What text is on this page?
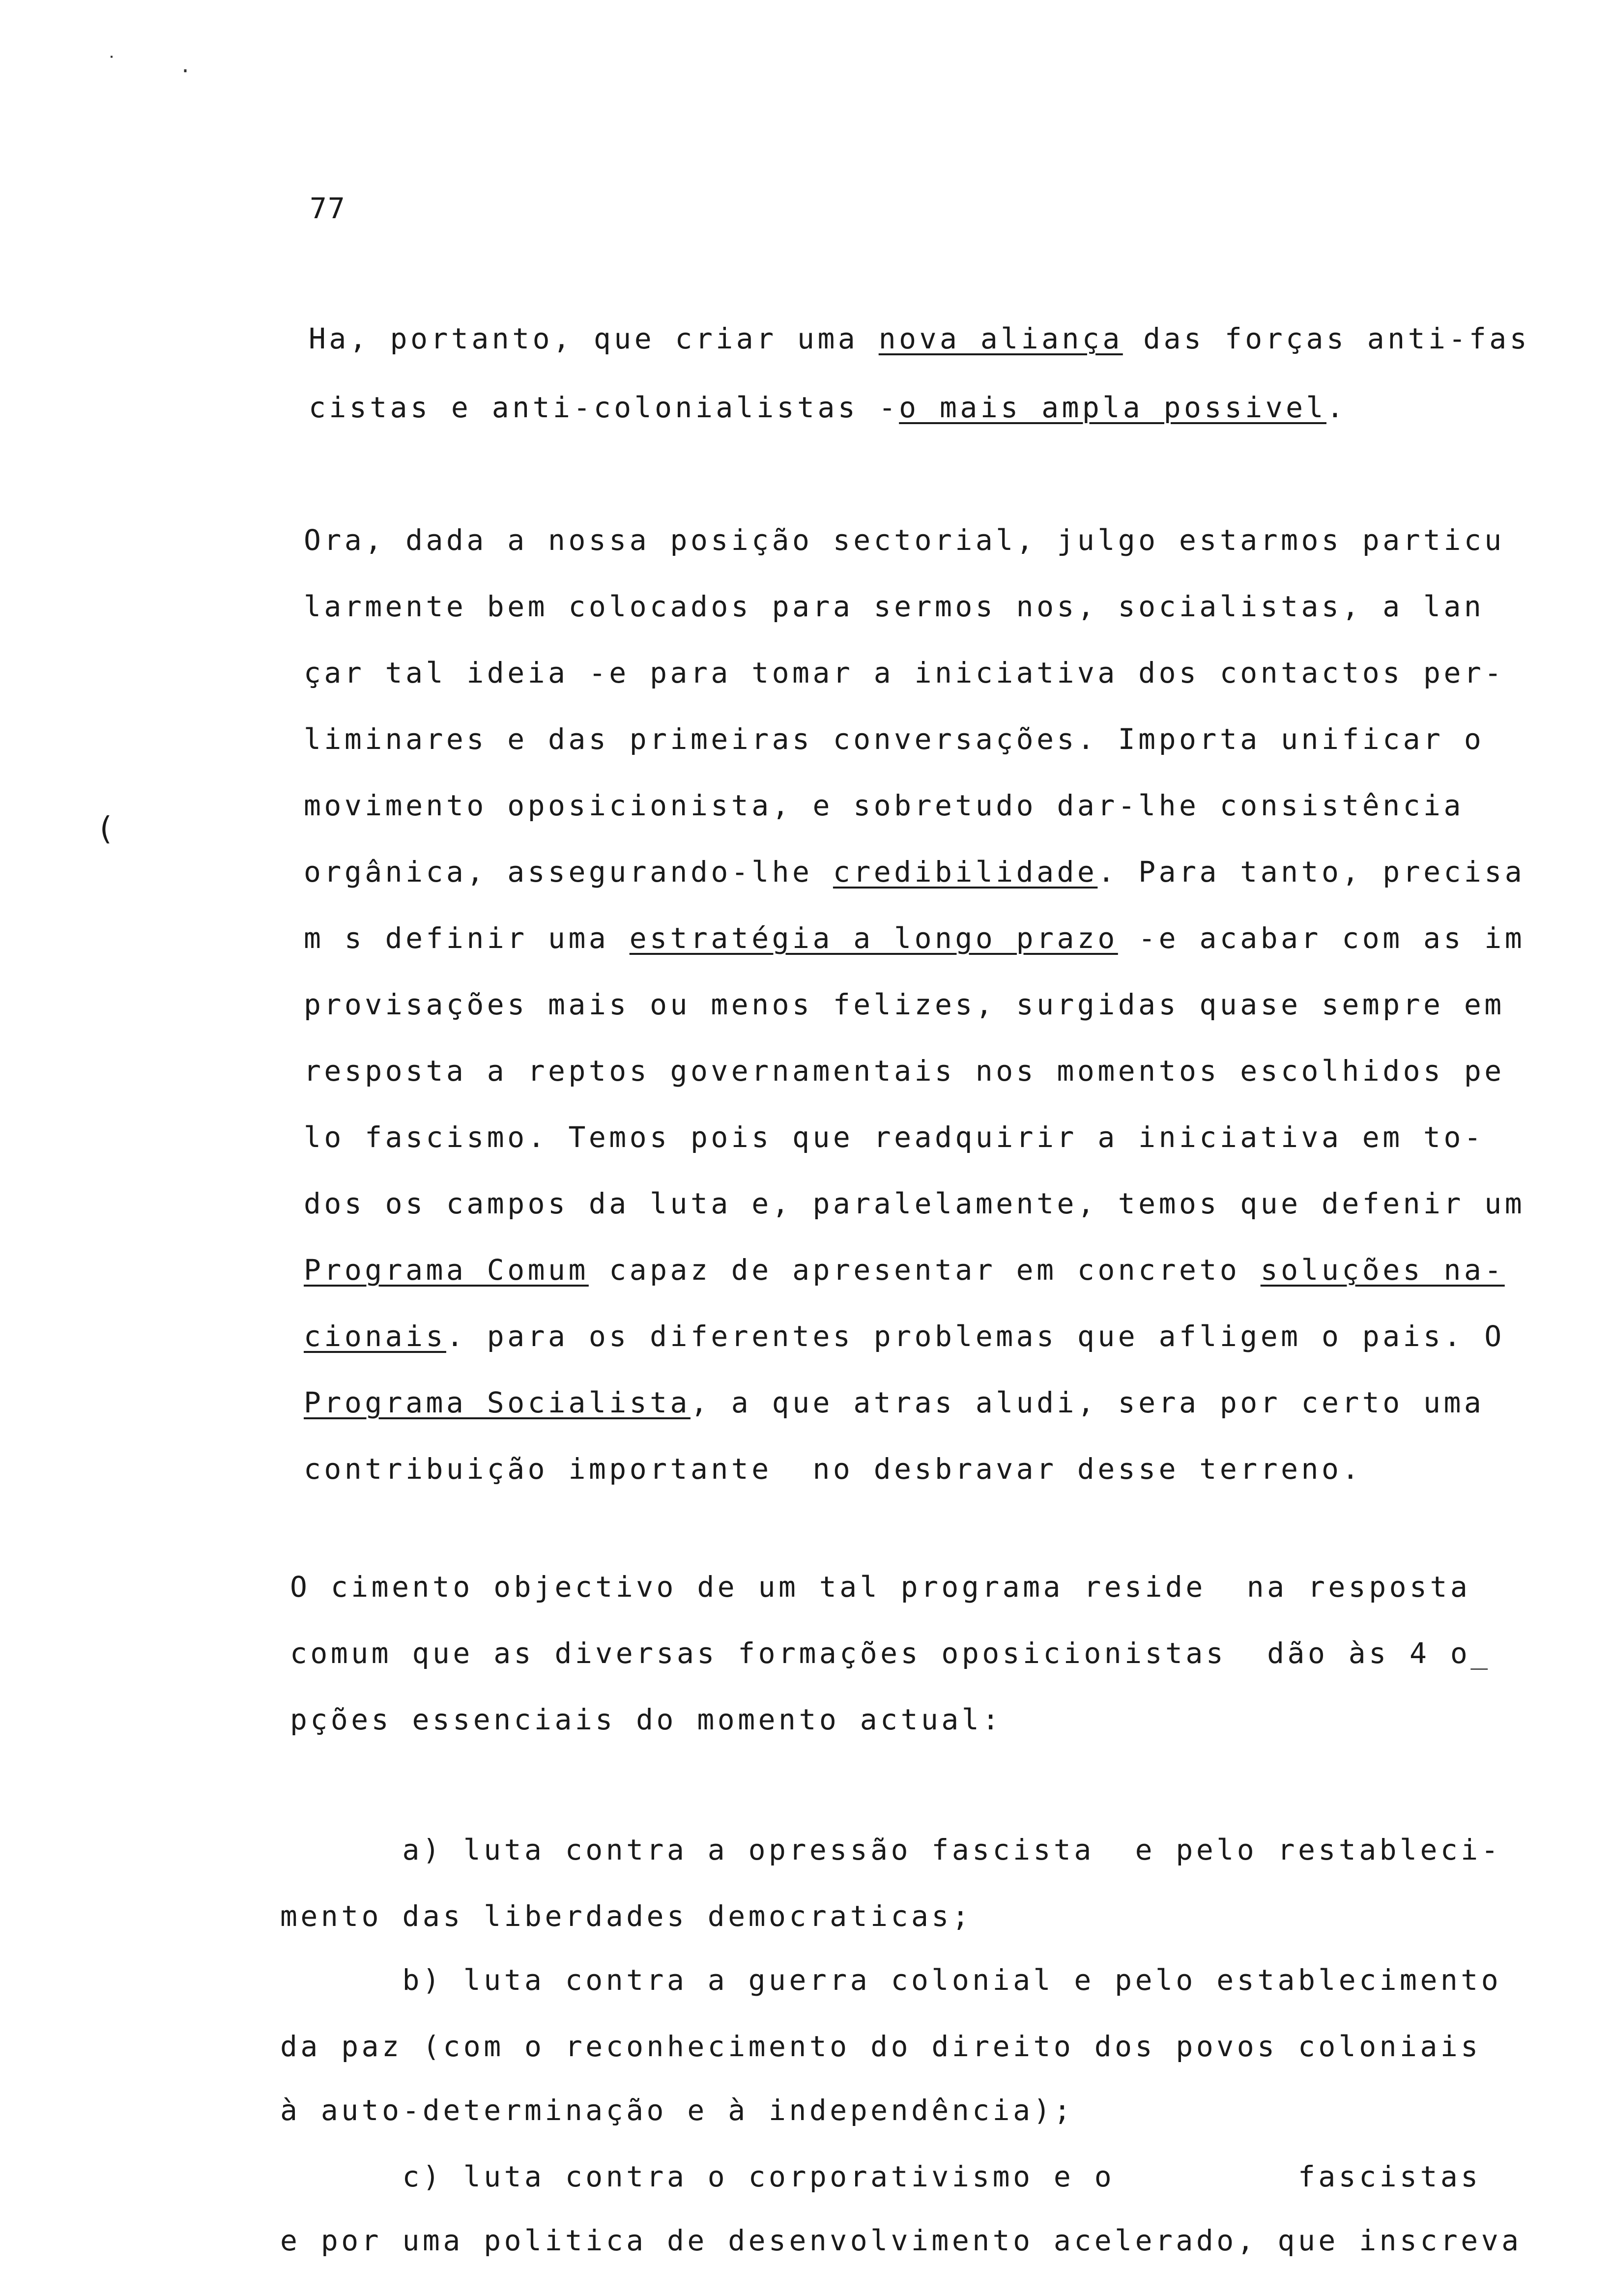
˙	·
77
(
Ha, portanto, que criar uma nova aliança das forças anti-fas
cistas e anti-colonialistas -o mais ampla possivel.
Ora, dada a nossa posição sectorial, julgo estarmos particu
larmente bem colocados para sermos nos, socialistas, a lan
çar tal ideia -e para tomar a iniciativa dos contactos per-
liminares e das primeiras conversações. Importa unificar o
movimento oposicionista, e sobretudo dar-lhe consistência
orgânica, assegurando-lhe credibilidade. Para tanto, precisa
m s definir uma estratégia a longo prazo -e acabar com as im
provisações mais ou menos felizes, surgidas quase sempre em
resposta a reptos governamentais nos momentos escolhidos pe
lo fascismo. Temos pois que readquirir a iniciativa em to-
dos os campos da luta e, paralelamente, temos que defenir um
Programa Comum capaz de apresentar em concreto soluções na-
cionais. para os diferentes problemas que afligem o pais. O
Programa Socialista, a que atras aludi, sera por certo uma
contribuição importante  no desbravar desse terreno.
O cimento objectivo de um tal programa reside  na resposta
comum que as diversas formações oposicionistas  dão às 4 o_
pções essenciais do momento actual:
a) luta contra a opressão fascista  e pelo restableci-
mento das liberdades democraticas;
b) luta contra a guerra colonial e pelo establecimento
da paz (com o reconhecimento do direito dos povos coloniais
à auto-determinação e à independência);
c) luta contra o corporativismo e o         fascistas
e por uma politica de desenvolvimento acelerado, que inscreva
